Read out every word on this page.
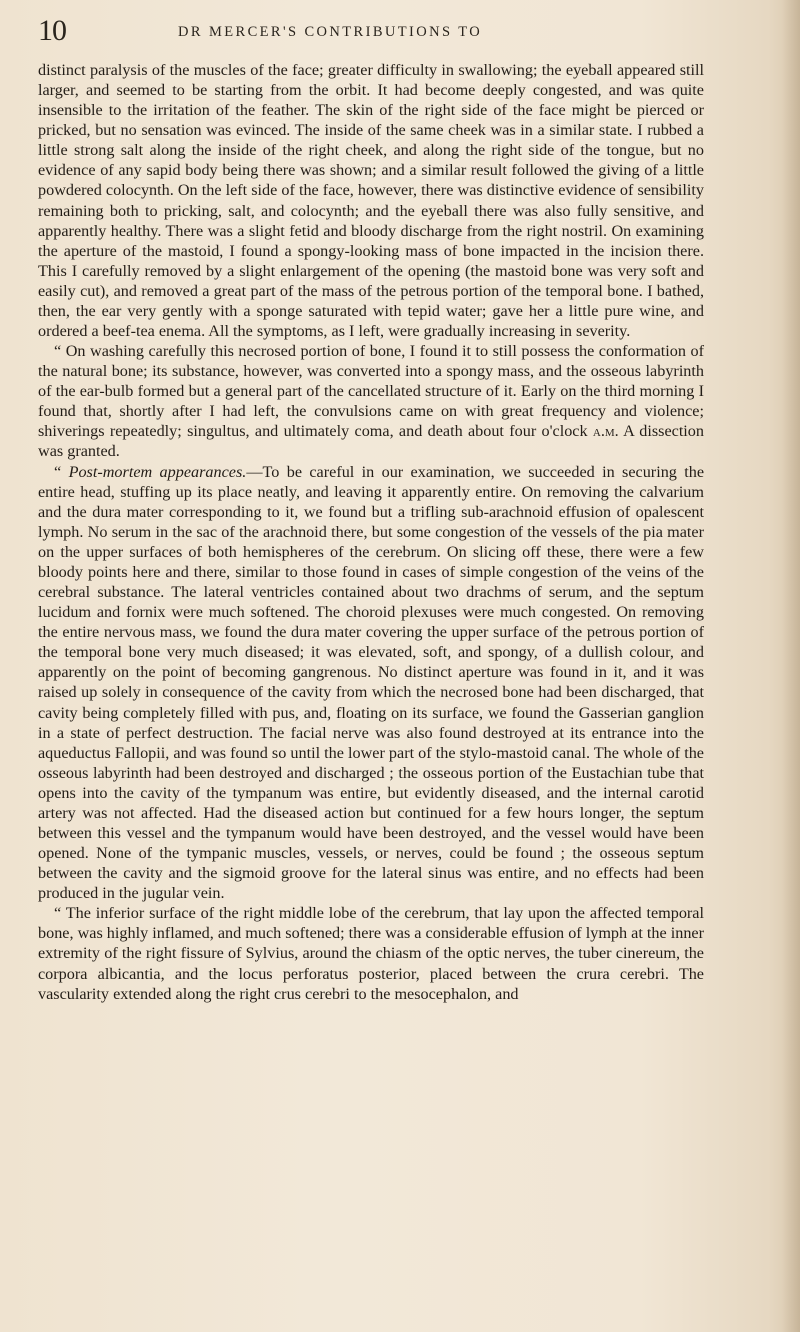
10	DR MERCER'S CONTRIBUTIONS TO

distinct paralysis of the muscles of the face; greater difficulty in swallowing; the eyeball appeared still larger, and seemed to be starting from the orbit. It had become deeply congested, and was quite insensible to the irritation of the feather. The skin of the right side of the face might be pierced or pricked, but no sensation was evinced. The inside of the same cheek was in a similar state. I rubbed a little strong salt along the inside of the right cheek, and along the right side of the tongue, but no evidence of any sapid body being there was shown; and a similar result followed the giving of a little powdered colocynth. On the left side of the face, however, there was distinctive evidence of sensibility remaining both to pricking, salt, and colocynth; and the eyeball there was also fully sensitive, and apparently healthy. There was a slight fetid and bloody discharge from the right nostril. On examining the aperture of the mastoid, I found a spongy-looking mass of bone impacted in the incision there. This I carefully removed by a slight enlargement of the opening (the mastoid bone was very soft and easily cut), and removed a great part of the mass of the petrous portion of the temporal bone. I bathed, then, the ear very gently with a sponge saturated with tepid water; gave her a little pure wine, and ordered a beef-tea enema. All the symptoms, as I left, were gradually increasing in severity.

“ On washing carefully this necrosed portion of bone, I found it to still possess the conformation of the natural bone; its substance, however, was converted into a spongy mass, and the osseous labyrinth of the ear-bulb formed but a general part of the cancellated structure of it. Early on the third morning I found that, shortly after I had left, the convulsions came on with great frequency and violence; shiverings repeatedly; singultus, and ultimately coma, and death about four o'clock a.m. A dissection was granted.

“ Post-mortem appearances.—To be careful in our examination, we succeeded in securing the entire head, stuffing up its place neatly, and leaving it apparently entire. On removing the calvarium and the dura mater corresponding to it, we found but a trifling sub-arachnoid effusion of opalescent lymph. No serum in the sac of the arachnoid there, but some congestion of the vessels of the pia mater on the upper surfaces of both hemispheres of the cerebrum. On slicing off these, there were a few bloody points here and there, similar to those found in cases of simple congestion of the veins of the cerebral substance. The lateral ventricles contained about two drachms of serum, and the septum lucidum and fornix were much softened. The choroid plexuses were much congested. On removing the entire nervous mass, we found the dura mater covering the upper surface of the petrous portion of the temporal bone very much diseased; it was elevated, soft, and spongy, of a dullish colour, and apparently on the point of becoming gangrenous. No distinct aperture was found in it, and it was raised up solely in consequence of the cavity from which the necrosed bone had been discharged, that cavity being completely filled with pus, and, floating on its surface, we found the Gasserian ganglion in a state of perfect destruction. The facial nerve was also found destroyed at its entrance into the aqueductus Fallopii, and was found so until the lower part of the stylo-mastoid canal. The whole of the osseous labyrinth had been destroyed and discharged ; the osseous portion of the Eustachian tube that opens into the cavity of the tympanum was entire, but evidently diseased, and the internal carotid artery was not affected. Had the diseased action but continued for a few hours longer, the septum between this vessel and the tympanum would have been destroyed, and the vessel would have been opened. None of the tympanic muscles, vessels, or nerves, could be found ; the osseous septum between the cavity and the sigmoid groove for the lateral sinus was entire, and no effects had been produced in the jugular vein.

“ The inferior surface of the right middle lobe of the cerebrum, that lay upon the affected temporal bone, was highly inflamed, and much softened; there was a considerable effusion of lymph at the inner extremity of the right fissure of Sylvius, around the chiasm of the optic nerves, the tuber cinereum, the corpora albicantia, and the locus perforatus posterior, placed between the crura cerebri. The vascularity extended along the right crus cerebri to the mesocephalon, and
